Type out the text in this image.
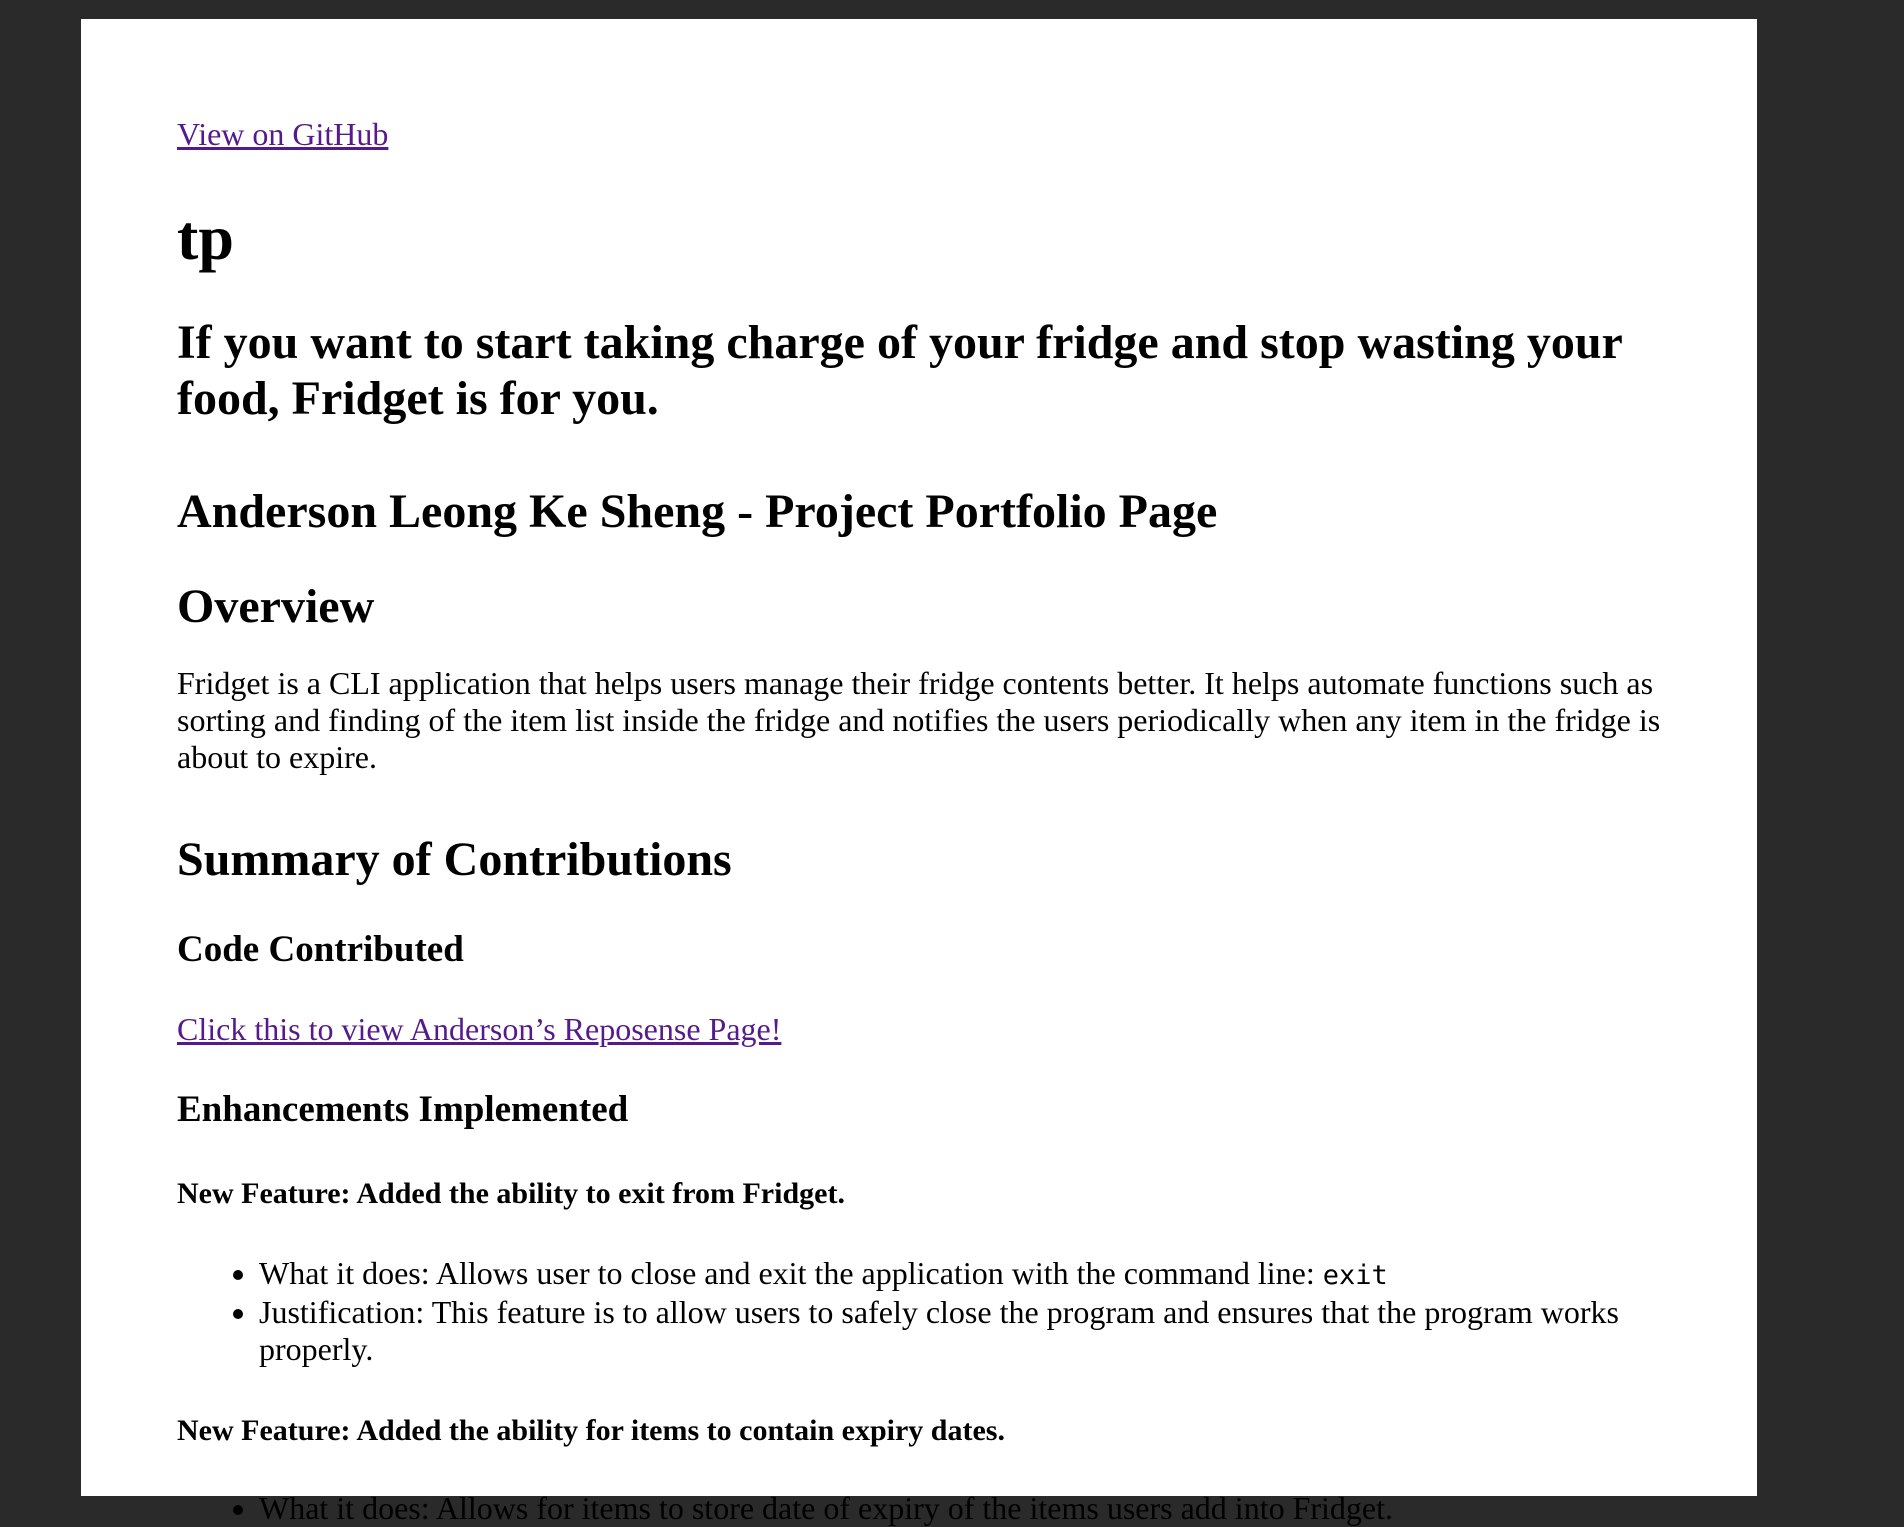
View on GitHub
tp
If you want to start taking charge of your fridge and stop wasting your food, Fridget is for you.
Anderson Leong Ke Sheng - Project Portfolio Page
Overview

Fridget is a CLI application that helps users manage their fridge contents better. It helps automate functions such as sorting and finding of the item list inside the fridge and notifies the users periodically when any item in the fridge is about to expire.

Summary of Contributions
Code Contributed
Click this to view Anderson’s Reposense Page!
Enhancements Implemented
New Feature: Added the ability to exit from Fridget.
• What it does: Allows user to close and exit the application with the command line: exit
• Justification: This feature is to allow users to safely close the program and ensures that the program works properly.
New Feature: Added the ability for items to contain expiry dates.
• What it does: Allows for items to store date of expiry of the items users add into Fridget.
